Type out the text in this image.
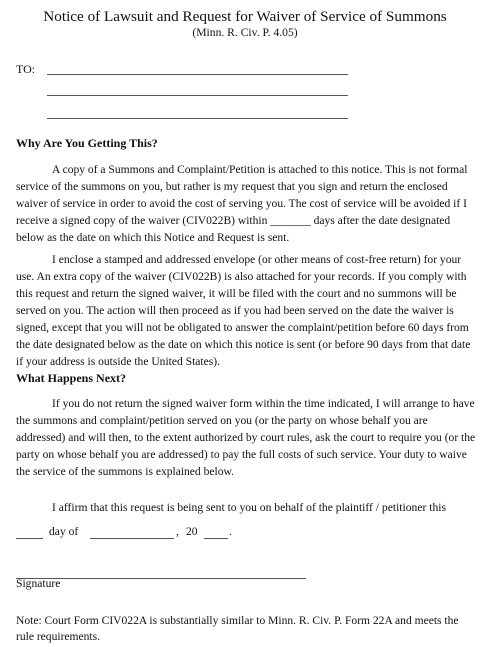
Notice of Lawsuit and Request for Waiver of Service of Summons
(Minn. R. Civ. P. 4.05)
TO:
Why Are You Getting This?

A copy of a Summons and Complaint/Petition is attached to this notice. This is not formal service of the summons on you, but rather is my request that you sign and return the enclosed waiver of service in order to avoid the cost of serving you. The cost of service will be avoided if I receive a signed copy of the waiver (CIV022B) within _______ days after the date designated below as the date on which this Notice and Request is sent.

I enclose a stamped and addressed envelope (or other means of cost-free return) for your use. An extra copy of the waiver (CIV022B) is also attached for your records. If you comply with this request and return the signed waiver, it will be filed with the court and no summons will be served on you. The action will then proceed as if you had been served on the date the waiver is signed, except that you will not be obligated to answer the complaint/petition before 60 days from the date designated below as the date on which this notice is sent (or before 90 days from that date if your address is outside the United States).

What Happens Next?

If you do not return the signed waiver form within the time indicated, I will arrange to have the summons and complaint/petition served on you (or the party on whose behalf you are addressed) and will then, to the extent authorized by court rules, ask the court to require you (or the party on whose behalf you are addressed) to pay the full costs of such service. Your duty to waive the service of the summons is explained below.

I affirm that this request is being sent to you on behalf of the plaintiff / petitioner this
day of	, 20	.
Signature

Note: Court Form CIV022A is substantially similar to Minn. R. Civ. P. Form 22A and meets the rule requirements.
